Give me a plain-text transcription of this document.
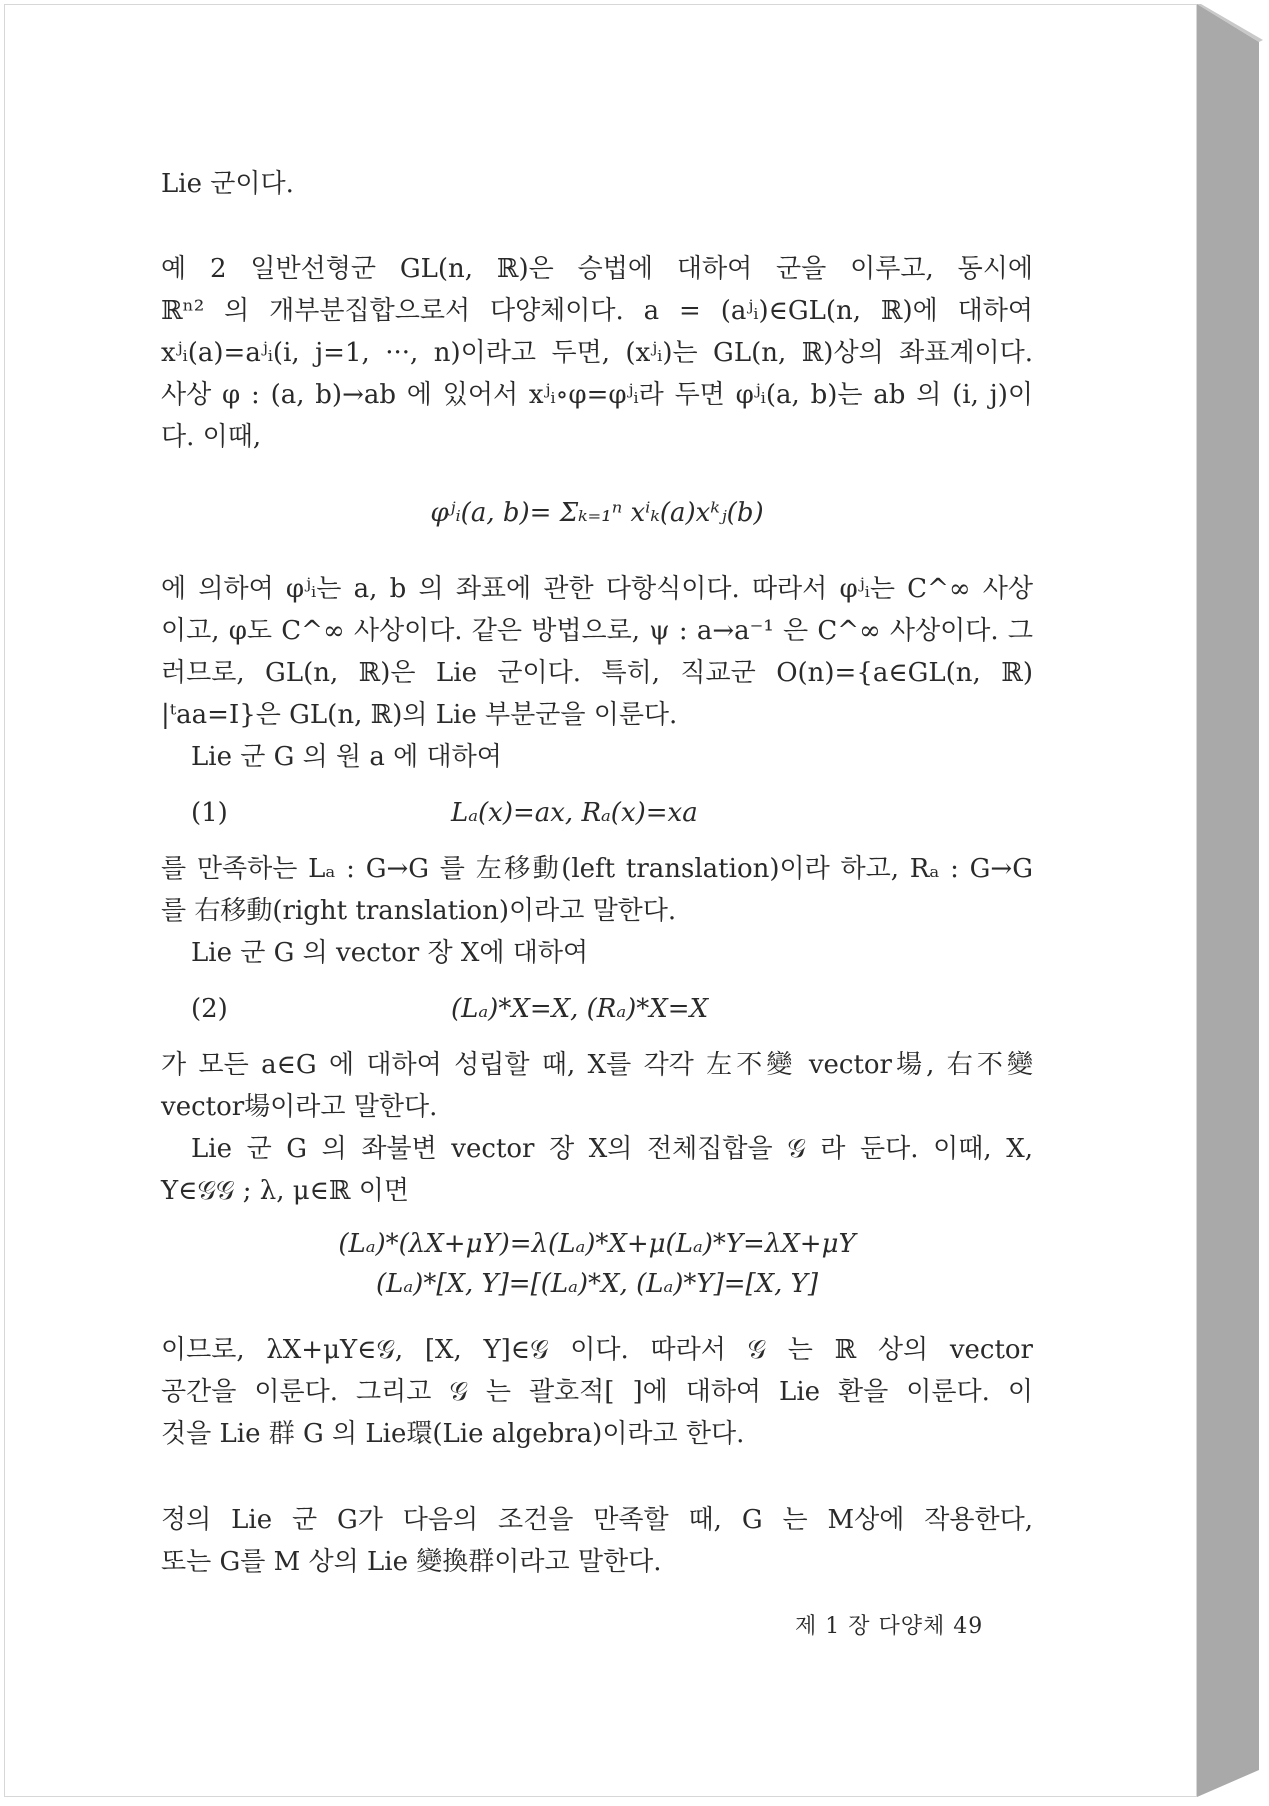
Lie 군이다.
예 2 일반선형군 GL(n, ℝ)은 승법에 대하여 군을 이루고, 동시에
ℝⁿ² 의 개부분집합으로서 다양체이다. a = (aʲᵢ)∈GL(n, ℝ)에 대하여
xʲᵢ(a)=aʲᵢ(i, j=1, ···, n)이라고 두면, (xʲᵢ)는 GL(n, ℝ)상의 좌표계이다.
사상 φ : (a, b)→ab 에 있어서 xʲᵢ∘φ=φʲᵢ라 두면 φʲᵢ(a, b)는 ab 의 (i, j)이
다. 이때,
φʲᵢ(a, b)= Σₖ₌₁ⁿ xⁱₖ(a)xᵏⱼ(b)
에 의하여 φʲᵢ는 a, b 의 좌표에 관한 다항식이다. 따라서 φʲᵢ는 C^∞ 사상
이고, φ도 C^∞ 사상이다. 같은 방법으로, ψ : a→a⁻¹ 은 C^∞ 사상이다. 그
러므로, GL(n, ℝ)은 Lie 군이다. 특히, 직교군 O(n)={a∈GL(n, ℝ)
|ᵗaa=I}은 GL(n, ℝ)의 Lie 부분군을 이룬다.
Lie 군 G 의 원 a 에 대하여
(1)	Lₐ(x)=ax, Rₐ(x)=xa
를 만족하는 Lₐ : G→G 를 左移動(left translation)이라 하고, Rₐ : G→G
를 右移動(right translation)이라고 말한다.
Lie 군 G 의 vector 장 X에 대하여
(2)	(Lₐ)*X=X, (Rₐ)*X=X
가 모든 a∈G 에 대하여 성립할 때, X를 각각 左不變 vector場, 右不變
vector場이라고 말한다.
Lie 군 G 의 좌불변 vector 장 X의 전체집합을 𝒢 라 둔다. 이때, X,
Y∈𝒢𝒢 ; λ, μ∈ℝ 이면
(Lₐ)*(λX+μY)=λ(Lₐ)*X+μ(Lₐ)*Y=λX+μY
(Lₐ)*[X, Y]=[(Lₐ)*X, (Lₐ)*Y]=[X, Y]
이므로, λX+μY∈𝒢, [X, Y]∈𝒢 이다. 따라서 𝒢 는 ℝ 상의 vector
공간을 이룬다. 그리고 𝒢 는 괄호적[ ]에 대하여 Lie 환을 이룬다. 이
것을 Lie 群 G 의 Lie環(Lie algebra)이라고 한다.
정의 Lie 군 G가 다음의 조건을 만족할 때, G 는 M상에 작용한다,
또는 G를 M 상의 Lie 變換群이라고 말한다.
제 1 장 다양체 49
